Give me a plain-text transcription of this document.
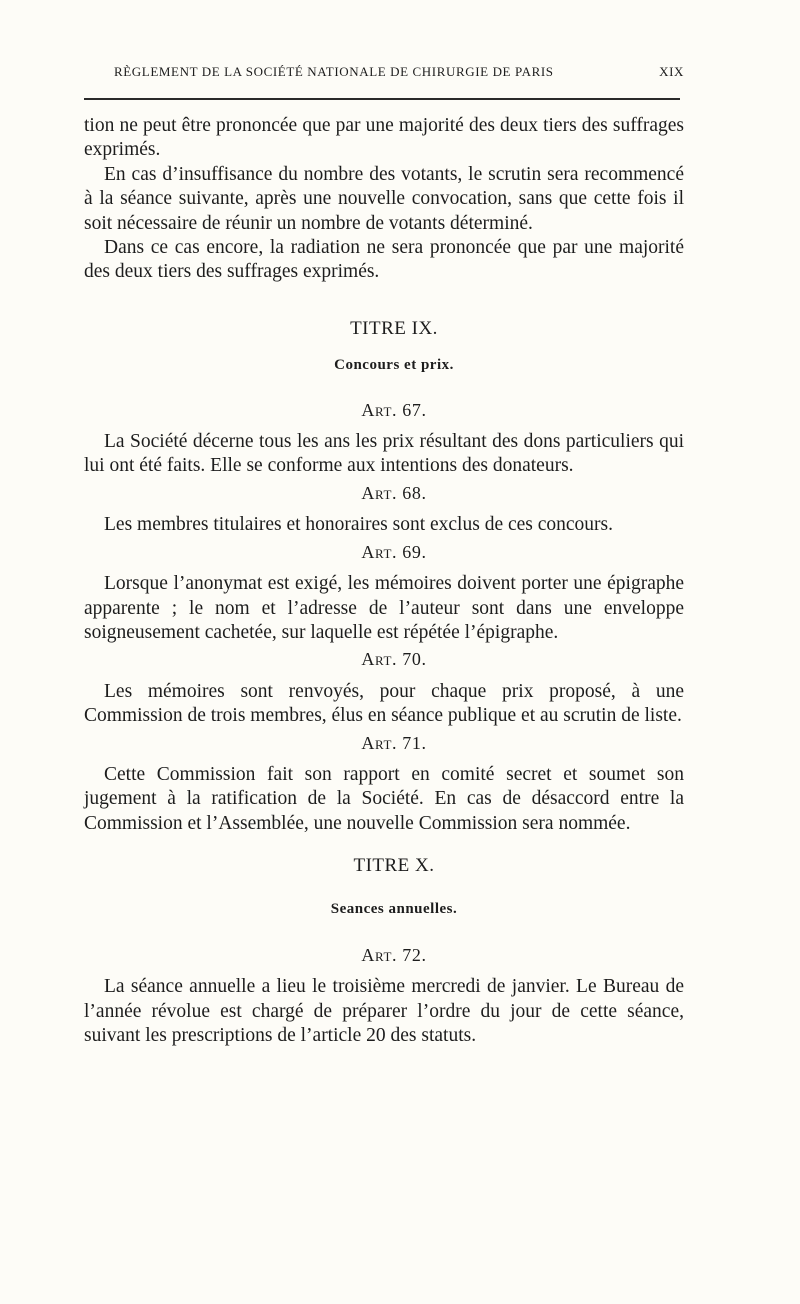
RÈGLEMENT DE LA SOCIÉTÉ NATIONALE DE CHIRURGIE DE PARIS	XIX

tion ne peut être prononcée que par une majorité des deux tiers des suffrages exprimés.

En cas d’insuffisance du nombre des votants, le scrutin sera recommencé à la séance suivante, après une nouvelle convocation, sans que cette fois il soit nécessaire de réunir un nombre de votants déterminé.

Dans ce cas encore, la radiation ne sera prononcée que par une majorité des deux tiers des suffrages exprimés.

TITRE IX.

Concours et prix.

Art. 67.

La Société décerne tous les ans les prix résultant des dons particuliers qui lui ont été faits. Elle se conforme aux intentions des donateurs.

Art. 68.

Les membres titulaires et honoraires sont exclus de ces concours.

Art. 69.

Lorsque l’anonymat est exigé, les mémoires doivent porter une épigraphe apparente ; le nom et l’adresse de l’auteur sont dans une enveloppe soigneusement cachetée, sur laquelle est répétée l’épigraphe.

Art. 70.

Les mémoires sont renvoyés, pour chaque prix proposé, à une Commission de trois membres, élus en séance publique et au scrutin de liste.

Art. 71.

Cette Commission fait son rapport en comité secret et soumet son jugement à la ratification de la Société. En cas de désaccord entre la Commission et l’Assemblée, une nouvelle Commission sera nommée.

TITRE X.

Seances annuelles.

Art. 72.

La séance annuelle a lieu le troisième mercredi de janvier. Le Bureau de l’année révolue est chargé de préparer l’ordre du jour de cette séance, suivant les prescriptions de l’article 20 des statuts.
